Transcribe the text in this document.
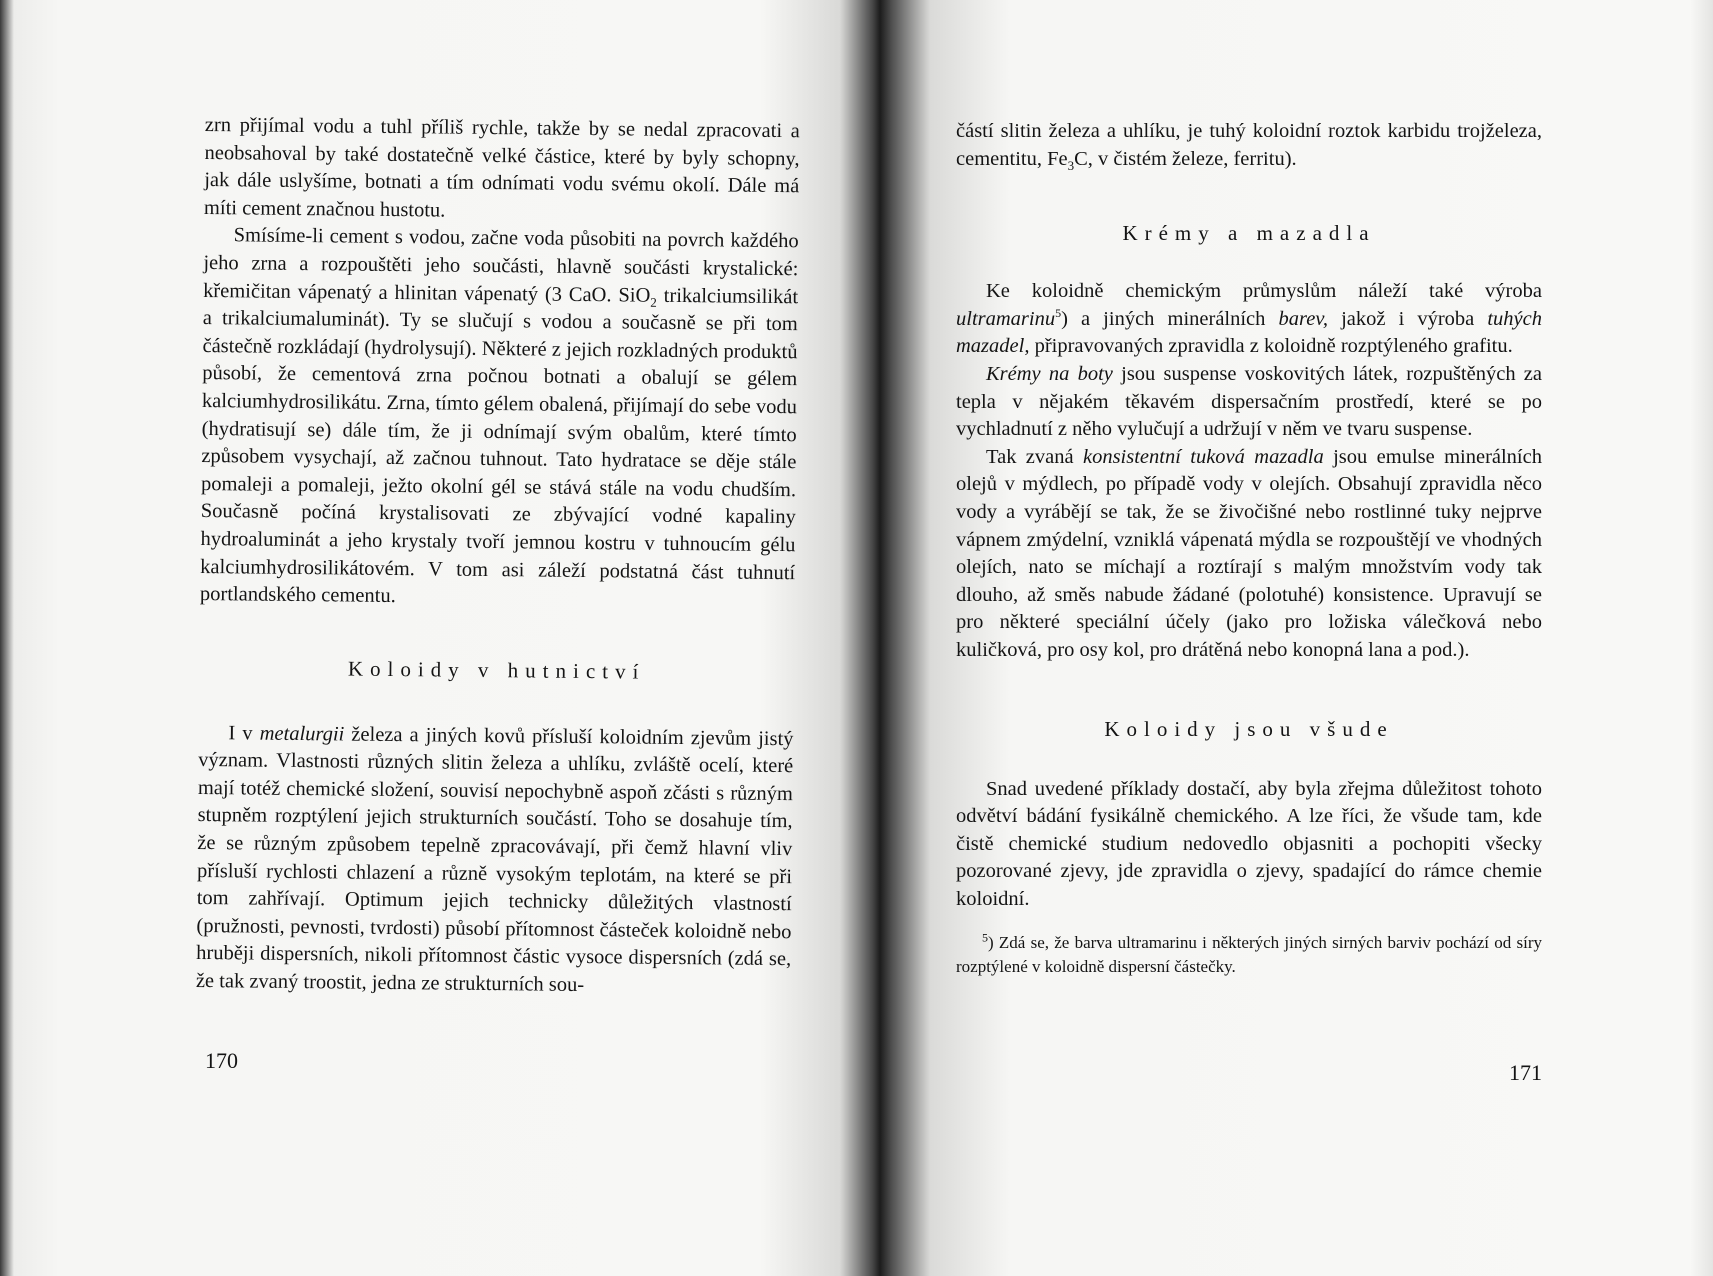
zrn přijímal vodu a tuhl příliš rychle, takže by se nedal zpracovati a neobsahoval by také dostatečně velké částice, které by byly schopny, jak dále uslyšíme, botnati a tím odnímati vodu svému okolí. Dále má míti cement značnou hustotu.

Smísíme-li cement s vodou, začne voda působiti na povrch každého jeho zrna a rozpouštěti jeho součásti, hlavně součásti krystalické: křemičitan vápenatý a hlinitan vápenatý (3 CaO. SiO$_2$ trikalciumsilikát a trikalciumaluminát). Ty se slučují s vodou a současně se při tom částečně rozkládají (hydrolysují). Některé z jejich rozkladných produktů působí, že cementová zrna počnou botnati a obalují se gélem kalciumhydrosilikátu. Zrna, tímto gélem obalená, přijímají do sebe vodu (hydratisují se) dále tím, že ji odnímají svým obalům, které tímto způsobem vysychají, až začnou tuhnout. Tato hydratace se děje stále pomaleji a pomaleji, ježto okolní gél se stává stále na vodu chudším. Současně počíná krystalisovati ze zbývající vodné kapaliny hydroaluminát a jeho krystaly tvoří jemnou kostru v tuhnoucím gélu kalciumhydrosilikátovém. V tom asi záleží podstatná část tuhnutí portlandského cementu.

Koloidy v hutnictví

I v metalurgii železa a jiných kovů přísluší koloidním zjevům jistý význam. Vlastnosti různých slitin železa a uhlíku, zvláště ocelí, které mají totéž chemické složení, souvisí nepochybně aspoň zčásti s různým stupněm rozptýlení jejich strukturních součástí. Toho se dosahuje tím, že se různým způsobem tepelně zpracovávají, při čemž hlavní vliv přísluší rychlosti chlazení a různě vysokým teplotám, na které se při tom zahřívají. Optimum jejich technicky důležitých vlastností (pružnosti, pevnosti, tvrdosti) působí přítomnost částeček koloidně nebo hruběji dispersních, nikoli přítomnost částic vysoce dispersních (zdá se, že tak zvaný troostit, jedna ze strukturních sou-

170

částí slitin železa a uhlíku, je tuhý koloidní roztok karbidu trojželeza, cementitu, $Fe_3C$, v čistém železe, ferritu).

Krémy a mazadla

Ke koloidně chemickým průmyslům náleží také výroba ultramarinu$^5$) a jiných minerálních barev, jakož i výroba tuhých mazadel, připravovaných zpravidla z koloidně rozptýleného grafitu.

Krémy na boty jsou suspense voskovitých látek, rozpuštěných za tepla v nějakém těkavém dispersačním prostředí, které se po vychladnutí z něho vylučují a udržují v něm ve tvaru suspense.

Tak zvaná konsistentní tuková mazadla jsou emulse minerálních olejů v mýdlech, po případě vody v olejích. Obsahují zpravidla něco vody a vyrábějí se tak, že se živočišné nebo rostlinné tuky nejprve vápnem zmýdelní, vzniklá vápenatá mýdla se rozpouštějí ve vhodných olejích, nato se míchají a roztírají s malým množstvím vody tak dlouho, až směs nabude žádané (polotuhé) konsistence. Upravují se pro některé speciální účely (jako pro ložiska válečková nebo kuličková, pro osy kol, pro drátěná nebo konopná lana a pod.).

Koloidy jsou všude

Snad uvedené příklady dostačí, aby byla zřejma důležitost tohoto odvětví bádání fysikálně chemického. A lze říci, že všude tam, kde čistě chemické studium nedovedlo objasniti a pochopiti všecky pozorované zjevy, jde zpravidla o zjevy, spadající do rámce chemie koloidní.

$^5$) Zdá se, že barva ultramarinu i některých jiných sirných barviv pochází od síry rozptýlené v koloidně dispersní částečky.

171
